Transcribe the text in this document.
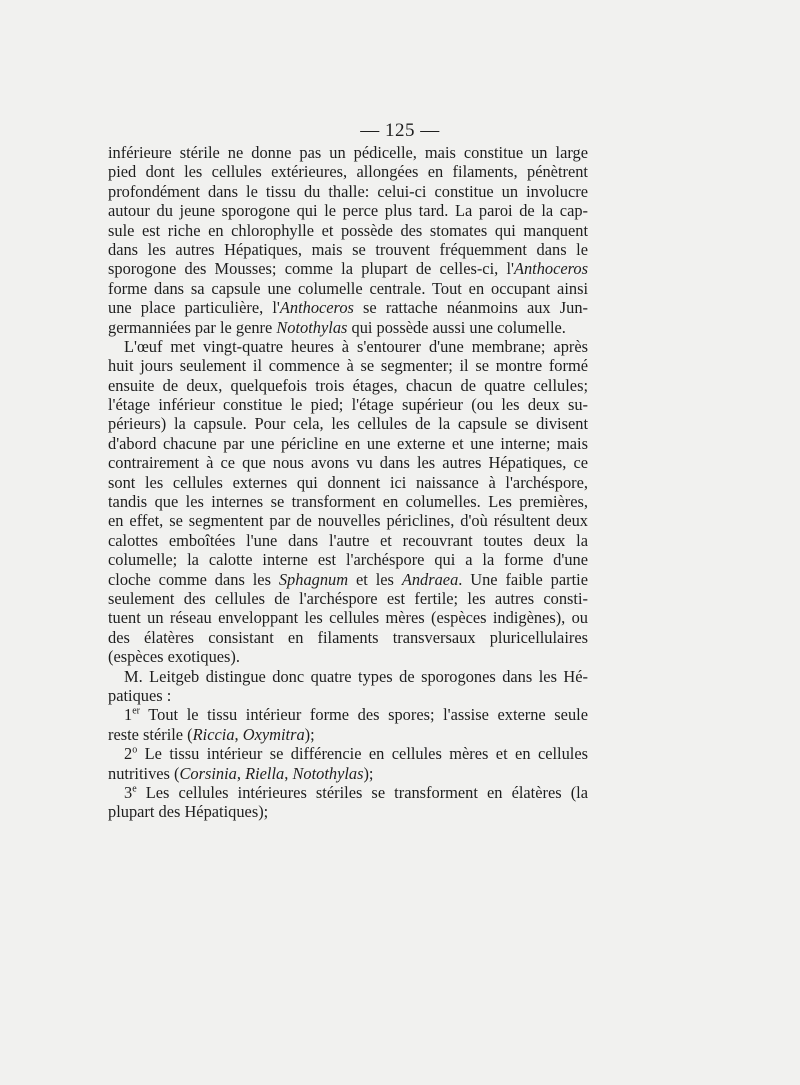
— 125 —
inférieure stérile ne donne pas un pédicelle, mais constitue un large
pied dont les cellules extérieures, allongées en filaments, pénètrent
profondément dans le tissu du thalle: celui-ci constitue un involucre
autour du jeune sporogone qui le perce plus tard. La paroi de la cap-
sule est riche en chlorophylle et possède des stomates qui manquent
dans les autres Hépatiques, mais se trouvent fréquemment dans le
sporogone des Mousses; comme la plupart de celles-ci, l'Anthoceros
forme dans sa capsule une columelle centrale. Tout en occupant ainsi
une place particulière, l'Anthoceros se rattache néanmoins aux Jun-
germanniées par le genre Notothylas qui possède aussi une columelle.
L'œuf met vingt-quatre heures à s'entourer d'une membrane; après
huit jours seulement il commence à se segmenter; il se montre formé
ensuite de deux, quelquefois trois étages, chacun de quatre cellules;
l'étage inférieur constitue le pied; l'étage supérieur (ou les deux su-
périeurs) la capsule. Pour cela, les cellules de la capsule se divisent
d'abord chacune par une péricline en une externe et une interne; mais
contrairement à ce que nous avons vu dans les autres Hépatiques, ce
sont les cellules externes qui donnent ici naissance à l'archéspore,
tandis que les internes se transforment en columelles. Les premières,
en effet, se segmentent par de nouvelles périclines, d'où résultent deux
calottes emboîtées l'une dans l'autre et recouvrant toutes deux la
columelle; la calotte interne est l'archéspore qui a la forme d'une
cloche comme dans les Sphagnum et les Andraea. Une faible partie
seulement des cellules de l'archéspore est fertile; les autres consti-
tuent un réseau enveloppant les cellules mères (espèces indigènes), ou
des élatères consistant en filaments transversaux pluricellulaires
(espèces exotiques).
M. Leitgeb distingue donc quatre types de sporogones dans les Hé-
patiques :
1er Tout le tissu intérieur forme des spores; l'assise externe seule
reste stérile (Riccia, Oxymitra);
2$^o$ Le tissu intérieur se différencie en cellules mères et en cellules
nutritives (Corsinia, Riella, Notothylas);
3e Les cellules intérieures stériles se transforment en élatères (la
plupart des Hépatiques);
